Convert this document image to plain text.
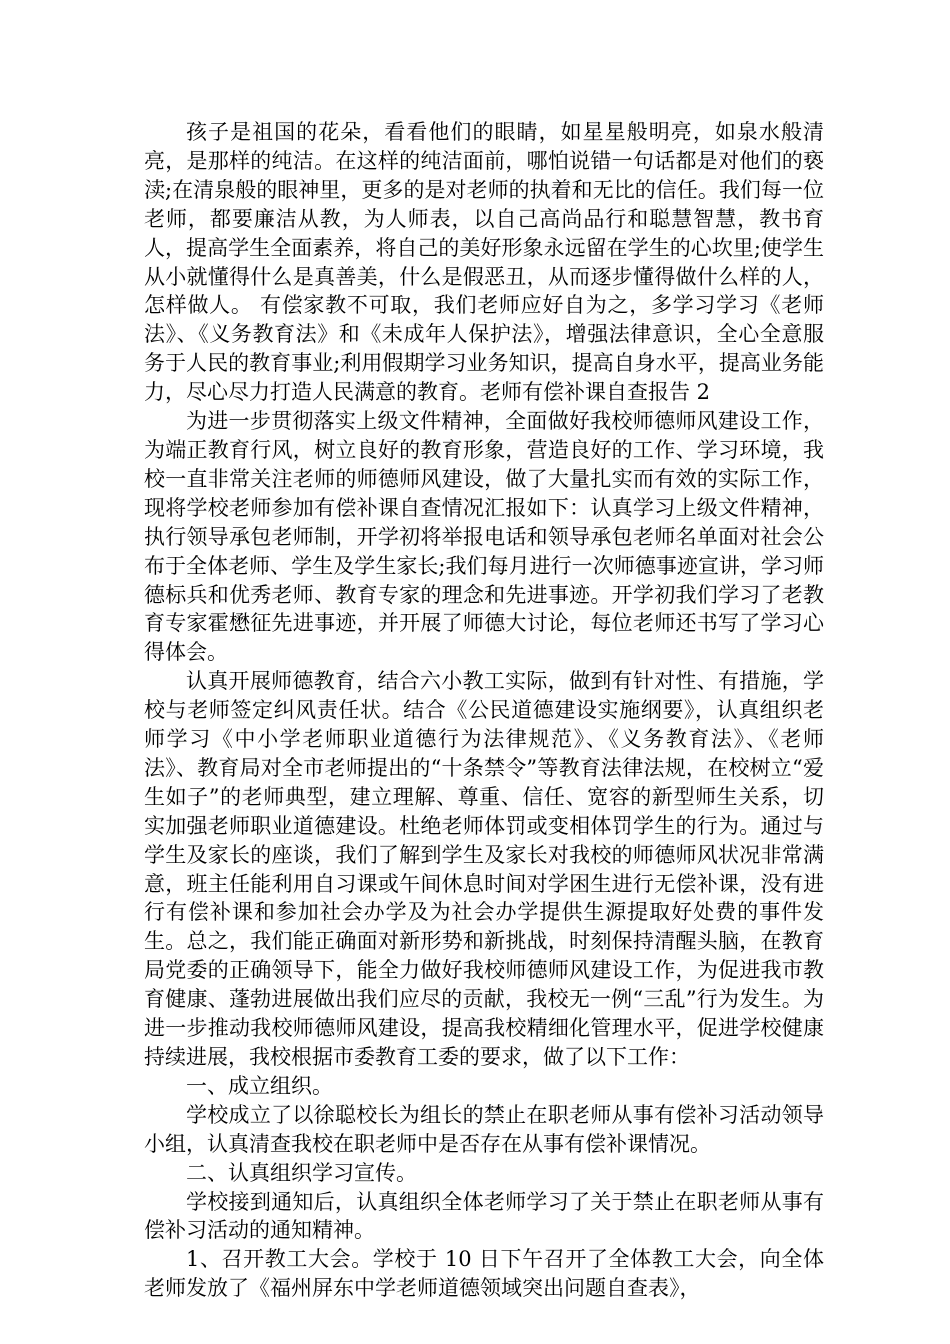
孩子是祖国的花朵，看看他们的眼睛，如星星般明亮，如泉水般清亮，是那样的纯洁。在这样的纯洁面前，哪怕说错一句话都是对他们的亵渎;在清泉般的眼神里，更多的是对老师的执着和无比的信任。我们每一位老师，都要廉洁从教，为人师表，以自己高尚品行和聪慧智慧，教书育人，提高学生全面素养，将自己的美好形象永远留在学生的心坎里;使学生 从小就懂得什么是真善美，什么是假恶丑，从而逐步懂得做什么样的人，怎样做人。 有偿家教不可取，我们老师应好自为之，多学习学习《老师法》、《义务教育法》和《未成年人保护法》，增强法律意识，全心全意服务于人民的教育事业;利用假期学习业务知识，提高自身水平，提高业务能力，尽心尽力打造人民满意的教育。老师有偿补课自查报告 2

为进一步贯彻落实上级文件精神，全面做好我校师德师风建设工作，为端正教育行风，树立良好的教育形象，营造良好的工作、学习环境，我校一直非常关注老师的师德师风建设，做了大量扎实而有效的实际工作，现将学校老师参加有偿补课自查情况汇报如下：认真学习上级文件精神，执行领导承包老师制，开学初将举报电话和领导承包老师名单面对社会公布于全体老师、学生及学生家长;我们每月进行一次师德事迹宣讲，学习师德标兵和优秀老师、教育专家的理念和先进事迹。开学初我们学习了老教育专家霍懋征先进事迹，并开展了师德大讨论，每位老师还书写了学习心得体会。

认真开展师德教育，结合六小教工实际，做到有针对性、有措施，学校与老师签定纠风责任状。结合《公民道德建设实施纲要》，认真组织老师学习《中小学老师职业道德行为法律规范》、《义务教育法》、《老师法》、教育局对全市老师提出的“十条禁令”等教育法律法规，在校树立“爱生如子”的老师典型，建立理解、尊重、信任、宽容的新型师生关系，切实加强老师职业道德建设。杜绝老师体罚或变相体罚学生的行为。通过与学生及家长的座谈，我们了解到学生及家长对我校的师德师风状况非常满意，班主任能利用自习课或午间休息时间对学困生进行无偿补课，没有进行有偿补课和参加社会办学及为社会办学提供生源提取好处费的事件发生。总之，我们能正确面对新形势和新挑战，时刻保持清醒头脑，在教育局党委的正确领导下，能全力做好我校师德师风建设工作，为促进我市教育健康、蓬勃进展做出我们应尽的贡献，我校无一例“三乱”行为发生。为进一步推动我校师德师风建设，提高我校精细化管理水平，促进学校健康持续进展，我校根据市委教育工委的要求，做了以下工作：

一、成立组织。

学校成立了以徐聪校长为组长的禁止在职老师从事有偿补习活动领导小组，认真清查我校在职老师中是否存在从事有偿补课情况。

二、认真组织学习宣传。

学校接到通知后，认真组织全体老师学习了关于禁止在职老师从事有偿补习活动的通知精神。

1、召开教工大会。学校于 10 日下午召开了全体教工大会，向全体老师发放了《福州屏东中学老师道德领域突出问题自查表》，
